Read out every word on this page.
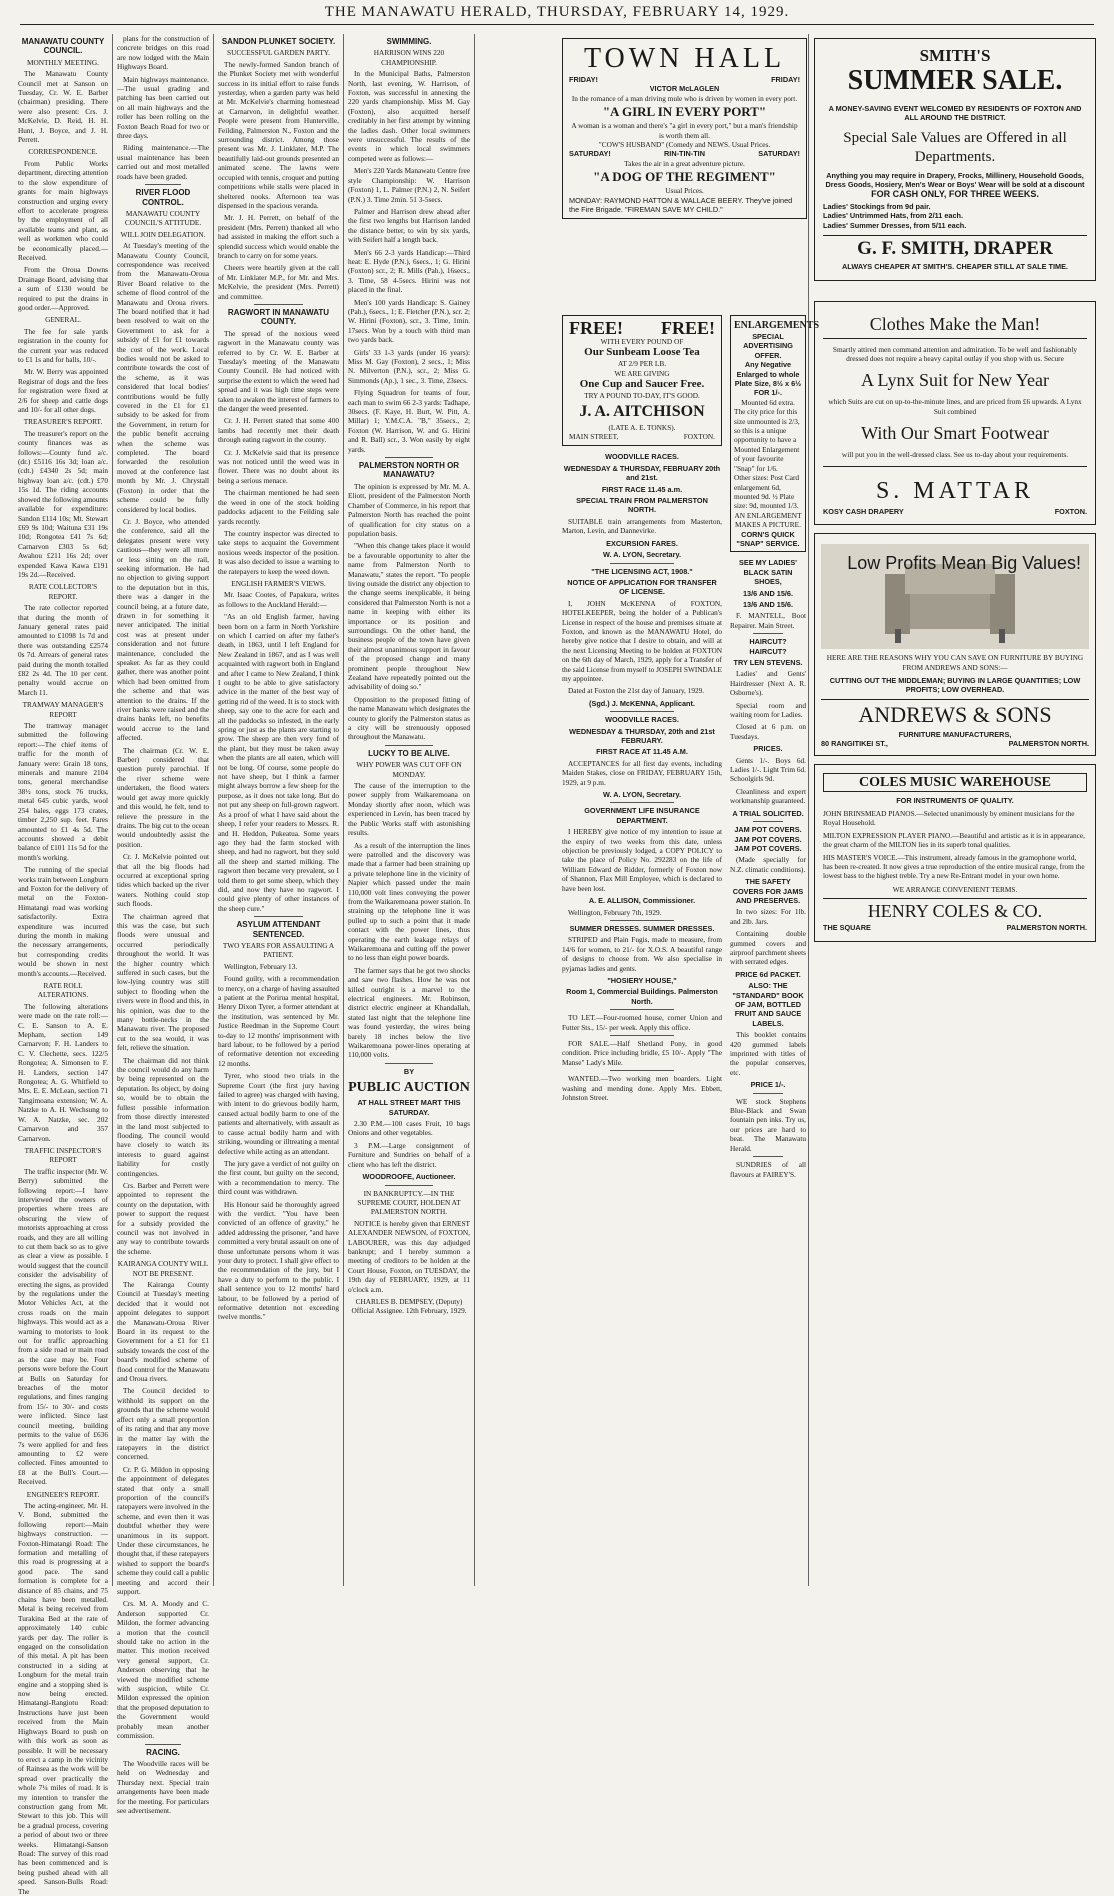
THE MANAWATU HERALD, THURSDAY, FEBRUARY 14, 1929.
MANAWATU COUNTY COUNCIL.
MONTHLY MEETING.

The Manawatu County Council met at Sanson on Tuesday, Cr. W. E. Barber (chairman) presiding. There were also present: Crs. J. McKelvie, D. Reid, H. H. Hunt, J. Boyce, and J. H. Perrett.

CORRESPONDENCE.

From Public Works department, directing attention to the slow expenditure of grants for main highways construction and urging every effort to accelerate progress by the employment of all available teams and plant, as well as workmen who could be economically placed.—Received.

From the Oroua Downs Drainage Board, advising that a sum of £130 would be required to put the drains in good order.—Approved.

GENERAL.

The fee for sale yards registration in the county for the current year was reduced to £1 1s and for halls, 10/-.

Mr. W. Berry was appointed Registrar of dogs and the fees for registration were fixed at 2/6 for sheep and cattle dogs and 10/- for all other dogs.

TREASURER'S REPORT.

The treasurer's report on the county finances was as follows:—County fund a/c. (dr.) £5116 16s 3d; loan a/c. (cdt.) £4340 2s 5d; main highway loan a/c. (cdt.) £70 15s 1d. The riding accounts showed the following amounts available for expenditure: Sandon £114 10s; Mt. Stewart £69 9s 10d; Waituna £31 19s 10d; Rongotea £41 7s 6d; Carnarvon £303 5s 6d; Awahou £211 16s 2d; over expended Kawa Kawa £191 19s 2d.—Received.

RATE COLLECTOR'S REPORT.

The rate collector reported that during the month of January general rates paid amounted to £1098 1s 7d and there was outstanding £2574 0s 7d. Arrears of general rates paid during the month totalled £82 2s 4d. The 10 per cent. penalty would accrue on March 11.

TRAMWAY MANAGER'S REPORT

The tramway manager submitted the following report:—The chief items of traffic for the month of January were: Grain 18 tons, minerals and manure 2104 tons, general merchandise 38½ tons, stock 76 trucks, metal 645 cubic yards, wool 254 bales, eggs 173 crates, timber 2,250 sup. feet. Fares amounted to £1 4s 5d. The accounts showed a debit balance of £101 11s 5d for the month's working.

The running of the special works train between Longburn and Foxton for the delivery of metal on the Foxton-Himatangi road was working satisfactorily. Extra expenditure was incurred during the month in making the necessary arrangements, but corresponding credits would be shown in next month's accounts.—Received.

RATE ROLL ALTERATIONS.

The following alterations were made on the rate roll:—C. E. Sanson to A. E. Mepham, section 149 Carnarvon; F. H. Landers to C. V. Clechette, secs. 122/5 Rongotea; A. Simonsen to F. H. Landers, section 147 Rongotea; A. G. Whitfield to Mrs. E. E. McLean, section 71 Tangimoana extension; W. A. Natzke to A. H. Wechsung to W. A. Natzke, sec. 202 Carnarvon and 357 Carnarvon.

TRAFFIC INSPECTOR'S REPORT

The traffic inspector (Mr. W. Berry) submitted the following report:—I have interviewed the owners of properties where trees are obscuring the view of motorists approaching at cross roads, and they are all willing to cut them back so as to give as clear a view as possible. I would suggest that the council consider the advisability of erecting the signs, as provided by the regulations under the Motor Vehicles Act, at the cross roads on the main highways. This would act as a warning to motorists to look out for traffic approaching from a side road or main road as the case may be. Four persons were before the Court at Bulls on Saturday for breaches of the motor regulations, and fines ranging from 15/- to 30/- and costs were inflicted. Since last council meeting, building permits to the value of £636 7s were applied for and fees amounting to £2 were collected. Fines amounted to £8 at the Bull's Court.—Received.

ENGINEER'S REPORT.

The acting-engineer, Mr. H. V. Bond, submitted the following report:—Main highways construction. —Foxton-Himatangi Road: The formation and metalling of this road is progressing at a good pace. The sand formation is complete for a distance of 85 chains, and 75 chains have been metalled. Metal is being received from Turakina Bed at the rate of approximately 140 cubic yards per day. The roller is engaged on the consolidation of this metal. A pit has been constructed in a siding at Longburn for the metal train engine and a stopping shed is now being erected. Himatangi-Rangiotu Road: Instructions have just been received from the Main Highways Board to push on with this work as soon as possible. It will be necessary to erect a camp in the vicinity of Rainsea as the work will be spread over practically the whole 7¼ miles of road. It is my intention to transfer the construction gang from Mt. Stewart to this job. This will be a gradual process, covering a period of about two or three weeks. Himatangi-Sanson Road: The survey of this road has been commenced and is being pushed ahead with all speed. Sanson-Bulls Road: The

plans for the construction of concrete bridges on this road are now lodged with the Main Highways Board.

Main highways maintenance.—The usual grading and patching has been carried out on all main highways and the roller has been rolling on the Foxton Beach Road for two or three days.

Riding maintenance.—The usual maintenance has been carried out and most metalled roads have been graded.

RIVER FLOOD CONTROL.
MANAWATU COUNTY COUNCIL'S ATTITUDE.
WILL JOIN DELEGATION.

At Tuesday's meeting of the Manawatu County Council, correspondence was received from the Manawatu-Oroua River Board relative to the scheme of flood control of the Manawatu and Oroua rivers. The board notified that it had been resolved to wait on the Government to ask for a subsidy of £1 for £1 towards the cost of the work. Local bodies would not be asked to contribute towards the cost of the scheme, as it was considered that local bodies' contributions would be fully covered in the £1 for £1 subsidy to be asked for from the Government, in return for the public benefit accruing when the scheme was completed. The board forwarded the resolution moved at the conference last month by Mr. J. Chrystall (Foxton) in order that the scheme could be fully considered by local bodies.

Cr. J. Boyce, who attended the conference, said all the delegates present were very cautious—they were all more or less sitting on the rail, seeking information. He had no objection to giving support to the deputation but in this, there was a danger in the council being, at a future date, drawn in for something it never anticipated. The initial cost was at present under consideration and not future maintenance, concluded the speaker. As far as they could gather, there was another point which had been omitted from the scheme and that was attention to the drains. If the river banks were raised and the drains banks left, no benefits would accrue to the land affected.

The chairman (Cr. W. E. Barber) considered that question purely parochial. If the river scheme were undertaken, the flood waters would get away more quickly and this would, he felt, tend to relieve the pressure in the drains. The big cut to the ocean would undoubtedly assist the position.

Cr. J. McKelvie pointed out that all the big floods had occurred at exceptional spring tides which backed up the river waters. Nothing could stop such floods.

The chairman agreed that this was the case, but such floods were unusual and occurred periodically throughout the world. It was the higher country which suffered in such cases, but the low-lying country was still subject to flooding when the rivers were in flood and this, in his opinion, was due to the many bottle-necks in the Manawatu river. The proposed cut to the sea would, it was felt, relieve the situation.

The chairman did not think the council would do any harm by being represented on the deputation. Its object, by doing so, would be to obtain the fullest possible information from those directly interested in the land most subjected to flooding. The council would have closely to watch its interests to guard against liability for costly contingencies.

Crs. Barber and Perrett were appointed to represent the county on the deputation, with power to support the request for a subsidy provided the council was not involved in any way to contribute towards the scheme.

KAIRANGA COUNTY WILL NOT BE PRESENT.

The Kairanga County Council at Tuesday's meeting decided that it would not appoint delegates to support the Manawatu-Oroua River Board in its request to the Government for a £1 for £1 subsidy towards the cost of the board's modified scheme of flood control for the Manawatu and Oroua rivers.

The Council decided to withhold its support on the grounds that the scheme would affect only a small proportion of its rating and that any move in the matter lay with the ratepayers in the district concerned.

Cr. P. G. Mildon in opposing the appointment of delegates stated that only a small proportion of the council's ratepayers were involved in the scheme, and even then it was doubtful whether they were unanimous in its support. Under these circumstances, he thought that, if these ratepayers wished to support the board's scheme they could call a public meeting and accord their support.

Crs. M. A. Moody and C. Anderson supported Cr. Mildon, the former advancing a motion that the council should take no action in the matter. This motion received very general support, Cr. Anderson observing that he viewed the modified scheme with suspicion, while Cr. Mildon expressed the opinion that the proposed deputation to the Government would probably mean another commission.

RACING.

The Woodville races will be held on Wednesday and Thursday next. Special train arrangements have been made for the meeting. For particulars see advertisement.

SANDON PLUNKET SOCIETY.
SUCCESSFUL GARDEN PARTY.

The newly-formed Sandon branch of the Plunket Society met with wonderful success in its initial effort to raise funds yesterday, when a garden party was held at Mr. McKelvie's charming homestead at Carnarvon, in delightful weather. People were present from Hunterville, Feilding, Palmerston N., Foxton and the surrounding district. Among those present was Mr. J. Linklater, M.P. The beautifully laid-out grounds presented an animated scene. The lawns were occupied with tennis, croquet and putting competitions while stalls were placed in sheltered nooks. Afternoon tea was dispensed in the spacious veranda.

Mr. J. H. Perrett, on behalf of the president (Mrs. Perrett) thanked all who had assisted in making the effort such a splendid success which would enable the branch to carry on for some years.

Cheers were heartily given at the call of Mr. Linklater M.P., for Mr. and Mrs. McKelvie, the president (Mrs. Perrett) and committee.

RAGWORT IN MANAWATU COUNTY.

The spread of the noxious weed ragwort in the Manawatu county was referred to by Cr. W. E. Barber at Tuesday's meeting of the Manawatu County Council. He had noticed with surprise the extent to which the weed had spread and it was high time steps were taken to awaken the interest of farmers to the danger the weed presented.

Cr. J. H. Perrett stated that some 400 lambs had recently met their death through eating ragwort in the county.

Cr. J. McKelvie said that its presence was not noticed until the weed was in flower. There was no doubt about its being a serious menace.

The chairman mentioned he had seen the weed in one of the stock holding paddocks adjacent to the Feilding sale yards recently.

The country inspector was directed to take steps to acquaint the Government noxious weeds inspector of the position. It was also decided to issue a warning to the ratepayers to keep the weed down.

ENGLISH FARMER'S VIEWS.

Mr. Isaac Cootes, of Papakura, writes as follows to the Auckland Herald:—

"As an old English farmer, having been born on a farm in North Yorkshire on which I carried on after my father's death, in 1863, until I left England for New Zealand in 1867, and as I was well acquainted with ragwort both in England and after I came to New Zealand, I think I ought to be able to give satisfactory advice in the matter of the best way of getting rid of the weed. It is to stock with sheep, say one to the acre for each and all the paddocks so infested, in the early spring or just as the plants are starting to grow. The sheep are then very fond of the plant, but they must be taken away when the plants are all eaten, which will not be long. Of course, some people do not have sheep, but I think a farmer might always borrow a few sheep for the purpose, as it does not take long. But do not put any sheep on full-grown ragwort. As a proof of what I have said about the sheep, I refer your readers to Messrs. R. and H. Heddon, Pukeatua. Some years ago they had the farm stocked with sheep, and had no ragwort, but they sold all the sheep and started milking. The ragwort then became very prevalent, so I told them to get some sheep, which they did, and now they have no ragwort. I could give plenty of other instances of the sheep cure."

ASYLUM ATTENDANT SENTENCED.
TWO YEARS FOR ASSAULTING A PATIENT.

Wellington, February 13.

Found guilty, with a recommendation to mercy, on a charge of having assaulted a patient at the Porirua mental hospital, Henry Dixon Tyrer, a former attendant at the institution, was sentenced by Mr. Justice Reedman in the Supreme Court to-day to 12 months' imprisonment with hard labour, to be followed by a period of reformative detention not exceeding 12 months.

Tyrer, who stood two trials in the Supreme Court (the first jury having failed to agree) was charged with having, with intent to do grievous bodily harm, caused actual bodily harm to one of the patients and alternatively, with assault as to cause actual bodily harm and with striking, wounding or illtreating a mental defective while acting as an attendant.

The jury gave a verdict of not guilty on the first count, but guilty on the second, with a recommendation to mercy. The third count was withdrawn.

His Honour said he thoroughly agreed with the verdict. "You have been convicted of an offence of gravity," he added addressing the prisoner, "and have committed a very brutal assault on one of those unfortunate persons whom it was your duty to protect. I shall give effect to the recommendation of the jury, but I have a duty to perform to the public. I shall sentence you to 12 months' hard labour, to be followed by a period of reformative detention not exceeding twelve months."

SWIMMING.
HARRISON WINS 220 CHAMPIONSHIP.

In the Municipal Baths, Palmerston North, last evening, W. Harrison, of Foxton, was successful in annexing the 220 yards championship. Miss M. Gay (Foxton), also acquitted herself creditably in her first attempt by winning the ladies dash. Other local swimmers were unsuccessful. The results of the events in which local swimmers competed were as follows:—

Men's 220 Yards Manawatu Centre free style Championship: W. Harrison (Foxton) 1, L. Palmer (P.N.) 2, N. Seifert (P.N.) 3. Time 2min. 51 3-5secs.

Palmer and Harrison drew ahead after the first two lengths but Harrison landed the distance better, to win by six yards, with Seifert half a length back.

Men's 66 2-3 yards Handicap:—Third heat: E. Hyde (P.N.), 6secs., 1; G. Hirini (Foxton) scr., 2; R. Mills (Pah.), 16secs., 3. Time, 58 4-5secs. Hirini was not placed in the final.

Men's 100 yards Handicap: S. Gainey (Pah.), 6secs., 1; E. Fletcher (P.N.), scr. 2; W. Hirini (Foxton), scr., 3. Time, 1min. 17secs. Won by a touch with third man two yards back.

Girls' 33 1-3 yards (under 16 years): Miss M. Gay (Foxton), 2 secs., 1; Miss N. Milverton (P.N.), scr., 2; Miss G. Simmonds (Ap.), 1 sec., 3. Time, 23secs.

Flying Squadron for teams of four, each man to swim 66 2-3 yards: Tadhape, 30secs. (F. Kaye, H. Burt, W. Pitt, A. Millar) 1; Y.M.C.A. "B," 35secs., 2; Foxton (W. Harrison, W. and G. Hirini and R. Ball) scr., 3. Won easily by eight yards.

PALMERSTON NORTH OR MANAWATU?

The opinion is expressed by Mr. M. A. Eliott, president of the Palmerston North Chamber of Commerce, in his report that Palmerston North has reached the point of qualification for city status on a population basis.

"When this change takes place it would be a favourable opportunity to alter the name from Palmerston North to Manawatu," states the report. "To people living outside the district any objection to the change seems inexplicable, it being considered that Palmerston North is not a name in keeping with either its importance or its position and surroundings. On the other hand, the business people of the town have given their almost unanimous support in favour of the proposed change and many prominent people throughout New Zealand have repeatedly pointed out the advisability of doing so."

Opposition to the proposed fitting of the name Manawatu which designates the county to glorify the Palmerston status as a city will be strenuously opposed throughout the Manawatu.

LUCKY TO BE ALIVE.
WHY POWER WAS CUT OFF ON MONDAY.

The cause of the interruption to the power supply from Waikaremoana on Monday shortly after noon, which was experienced in Levin, has been traced by the Public Works staff with astonishing results.

As a result of the interruption the lines were patrolled and the discovery was made that a farmer had been straining up a private telephone line in the vicinity of Napier which passed under the main 110,000 volt lines conveying the power from the Waikaremoana power station. In straining up the telephone line it was pulled up to such a point that it made contact with the power lines, thus operating the earth leakage relays of Waikaremoana and cutting off the power to no less than eight power boards.

The farmer says that he got two shocks and saw two flashes. How he was not killed outright is a marvel to the electrical engineers. Mr. Robinson, district electric engineer at Khandallah, stated last night that the telephone line was found yesterday, the wires being barely 18 inches below the live Waikaremoana power-lines operating at 110,000 volts.

BY
PUBLIC AUCTION
AT HALL STREET MART THIS SATURDAY.

2.30 P.M.—100 cases Fruit, 10 bags Onions and other vegetables.

3 P.M.—Large consignment of Furniture and Sundries on behalf of a client who has left the district.

WOODROOFE, Auctioneer.
IN BANKRUPTCY.—IN THE SUPREME COURT, HOLDEN AT PALMERSTON NORTH.

NOTICE is hereby given that ERNEST ALEXANDER NEWSON, of FOXTON, LABOURER, was this day adjudged bankrupt; and I hereby summon a meeting of creditors to be holden at the Court House, Foxton, on TUESDAY, the 19th day of FEBRUARY, 1929, at 11 o'clock a.m.

CHARLES B. DEMPSEY, (Deputy) Official Assignee. 12th February, 1929.
TOWN HALL
FRIDAY!	FRIDAY!
VICTOR McLAGLEN
In the romance of a man driving mule who is driven by women in every port.
"A GIRL IN EVERY PORT"
A woman is a woman and there's "a girl in every port," but a man's friendship is worth them all.
"COW'S HUSBAND" (Comedy and NEWS. Usual Prices.
SATURDAY!	RIN-TIN-TIN	SATURDAY!
Takes the air in a great adventure picture.
"A DOG OF THE REGIMENT"
Usual Prices.
MONDAY: RAYMOND HATTON & WALLACE BEERY. They've joined the Fire Brigade. "FIREMAN SAVE MY CHILD."
FREE! FREE!
WITH EVERY POUND OF
Our Sunbeam Loose Tea
AT 2/9 PER LB.
WE ARE GIVING
One Cup and Saucer Free.
TRY A POUND TO-DAY, IT'S GOOD.
J. A. AITCHISON
(LATE A. E. TONKS).
MAIN STREET,	FOXTON.
WOODVILLE RACES.
WEDNESDAY & THURSDAY, FEBRUARY 20th and 21st.
FIRST RACE 11.45 a.m.
SPECIAL TRAIN FROM PALMERSTON NORTH.

SUITABLE train arrangements from Masterton, Marton, Levin, and Dannevirke.

EXCURSION FARES.
W. A. LYON, Secretary.
"THE LICENSING ACT, 1908."
NOTICE OF APPLICATION FOR TRANSFER OF LICENSE.

I, JOHN McKENNA of FOXTON, HOTELKEEPER, being the holder of a Publican's License in respect of the house and premises situate at Foxton, and known as the MANAWATU Hotel, do hereby give notice that I desire to obtain, and will at the next Licensing Meeting to be holden at FOXTON on the 6th day of March, 1929, apply for a Transfer of the said License from myself to JOSEPH SWINDALE my appointee.

Dated at Foxton the 21st day of January, 1929.

(Sgd.) J. McKENNA, Applicant.
WOODVILLE RACES.
WEDNESDAY & THURSDAY, 20th and 21st FEBRUARY.
FIRST RACE AT 11.45 A.M.

ACCEPTANCES for all first day events, including Maiden Stakes, close on FRIDAY, FEBRUARY 15th, 1929, at 9 p.m.

W. A. LYON, Secretary.
GOVERNMENT LIFE INSURANCE DEPARTMENT.

I HEREBY give notice of my intention to issue at the expiry of two weeks from this date, unless objection be previously lodged, a COPY POLICY to take the place of Policy No. 292283 on the life of William Edward de Ridder, formerly of Foxton now of Shannon, Flax Mill Employee, which is declared to have been lost.

A. E. ALLISON, Commissioner.

Wellington, February 7th, 1929.

SUMMER DRESSES. SUMMER DRESSES.

STRIPED and Plain Fugis, made to measure, from 14/6 for women, to 21/- for X.O.S. A beautiful range of designs to choose from. We also specialise in pyjamas ladies and gents.

"HOSIERY HOUSE,"
Room 1, Commercial Buildings. Palmerston North.

TO LET.—Four-roomed house, corner Union and Futter Sts., 15/- per week. Apply this office.

FOR SALE.—Half Shetland Pony, in good condition. Price including bridle, £5 10/-. Apply "The Manse" Lady's Mile.

WANTED.—Two working men boarders. Light washing and mending done. Apply Mrs. Ebbett, Johnston Street.

ENLARGEMENTS
SPECIAL ADVERTISING OFFER.
Any Negative Enlarged to whole Plate Size, 8½ x 6½ FOR 1/-.
Mounted 6d extra.
The city price for this size unmounted is 2/3, so this is a unique opportunity to have a Mounted Enlargement of your favourite "Snap" for 1/6.
Other sizes: Post Card enlargement 6d, mounted 9d. ½ Plate size: 9d, mounted 1/3.
AN ENLARGEMENT MAKES A PICTURE.
CORN'S QUICK "SNAP" SERVICE.
SEE MY LADIES' BLACK SATIN SHOES,
13/6 AND 15/6.
13/6 AND 15/6.

F. MANTELL, Boot Repairer. Main Street.

HAIRCUT? HAIRCUT?
TRY LEN STEVENS.

Ladies' and Gents' Hairdresser (Next A. R. Osborne's).

Special room and waiting room for Ladies.

Closed at 6 p.m. on Tuesdays.

PRICES.

Gents 1/-. Boys 6d. Ladies 1/-. Light Trim 6d. Schoolgirls 9d.

Cleanliness and expert workmanship guaranteed.

A TRIAL SOLICITED.
JAM POT COVERS. JAM POT COVERS. JAM POT COVERS.

(Made specially for N.Z. climatic conditions).

THE SAFETY COVERS FOR JAMS AND PRESERVES.

In two sizes: For 1lb. and 2lb. Jars.

Containing double gummed covers and airproof parchment sheets with serrated edges.

PRICE 6d PACKET.
ALSO: THE "STANDARD" BOOK OF JAM, BOTTLED FRUIT AND SAUCE LABELS.

This booklet contains 420 gummed labels imprinted with titles of the popular conserves, etc.

PRICE 1/-.

WE stock Stephens Blue-Black and Swan fountain pen inks. Try us, our prices are hard to beat. The Manawatu Herald.

SUNDRIES of all flavours at FAIREY'S.

SMITH'S
SUMMER SALE.
A MONEY-SAVING EVENT WELCOMED BY RESIDENTS OF FOXTON AND ALL AROUND THE DISTRICT.
Special Sale Values are Offered in all Departments.
Anything you may require in Drapery, Frocks, Millinery, Household Goods, Dress Goods, Hosiery, Men's Wear or Boys' Wear will be sold at a discount
FOR CASH ONLY, FOR THREE WEEKS.
Ladies' Stockings from 9d pair.
Ladies' Untrimmed Hats, from 2/11 each.
Ladies' Summer Dresses, from 5/11 each.
G. F. SMITH, DRAPER
ALWAYS CHEAPER AT SMITH'S. CHEAPER STILL AT SALE TIME.
Clothes Make the Man!
Smartly attired men command attention and admiration. To be well and fashionably dressed does not require a heavy capital outlay if you shop with us. Secure
A Lynx Suit for New Year
which Suits are cut on up-to-the-minute lines, and are priced from £6 upwards. A Lynx Suit combined
With Our Smart Footwear
will put you in the well-dressed class. See us to-day about your requirements.
S. MATTAR
KOSY CASH DRAPERY	FOXTON.
Low Profits Mean Big Values!
HERE ARE THE REASONS WHY YOU CAN SAVE ON FURNITURE BY BUYING FROM ANDREWS AND SONS:—
CUTTING OUT THE MIDDLEMAN; BUYING IN LARGE QUANTITIES; LOW PROFITS; LOW OVERHEAD.
ANDREWS & SONS
FURNITURE MANUFACTURERS,
80 RANGITIKEI ST.,	PALMERSTON NORTH.
COLES MUSIC WAREHOUSE
FOR INSTRUMENTS OF QUALITY.
JOHN BRINSMEAD PIANOS.—Selected unanimously by eminent musicians for the Royal Household.
MILTON EXPRESSION PLAYER PIANO.—Beautiful and artistic as it is in appearance, the great charm of the MILTON lies in its superb tonal qualities.
HIS MASTER'S VOICE.—This instrument, already famous in the gramophone world, has been re-created. It now gives a true reproduction of the entire musical range, from the lowest bass to the highest treble. Try a new Re-Entrant model in your own home.
WE ARRANGE CONVENIENT TERMS.
HENRY COLES & CO.
THE SQUARE	PALMERSTON NORTH.
